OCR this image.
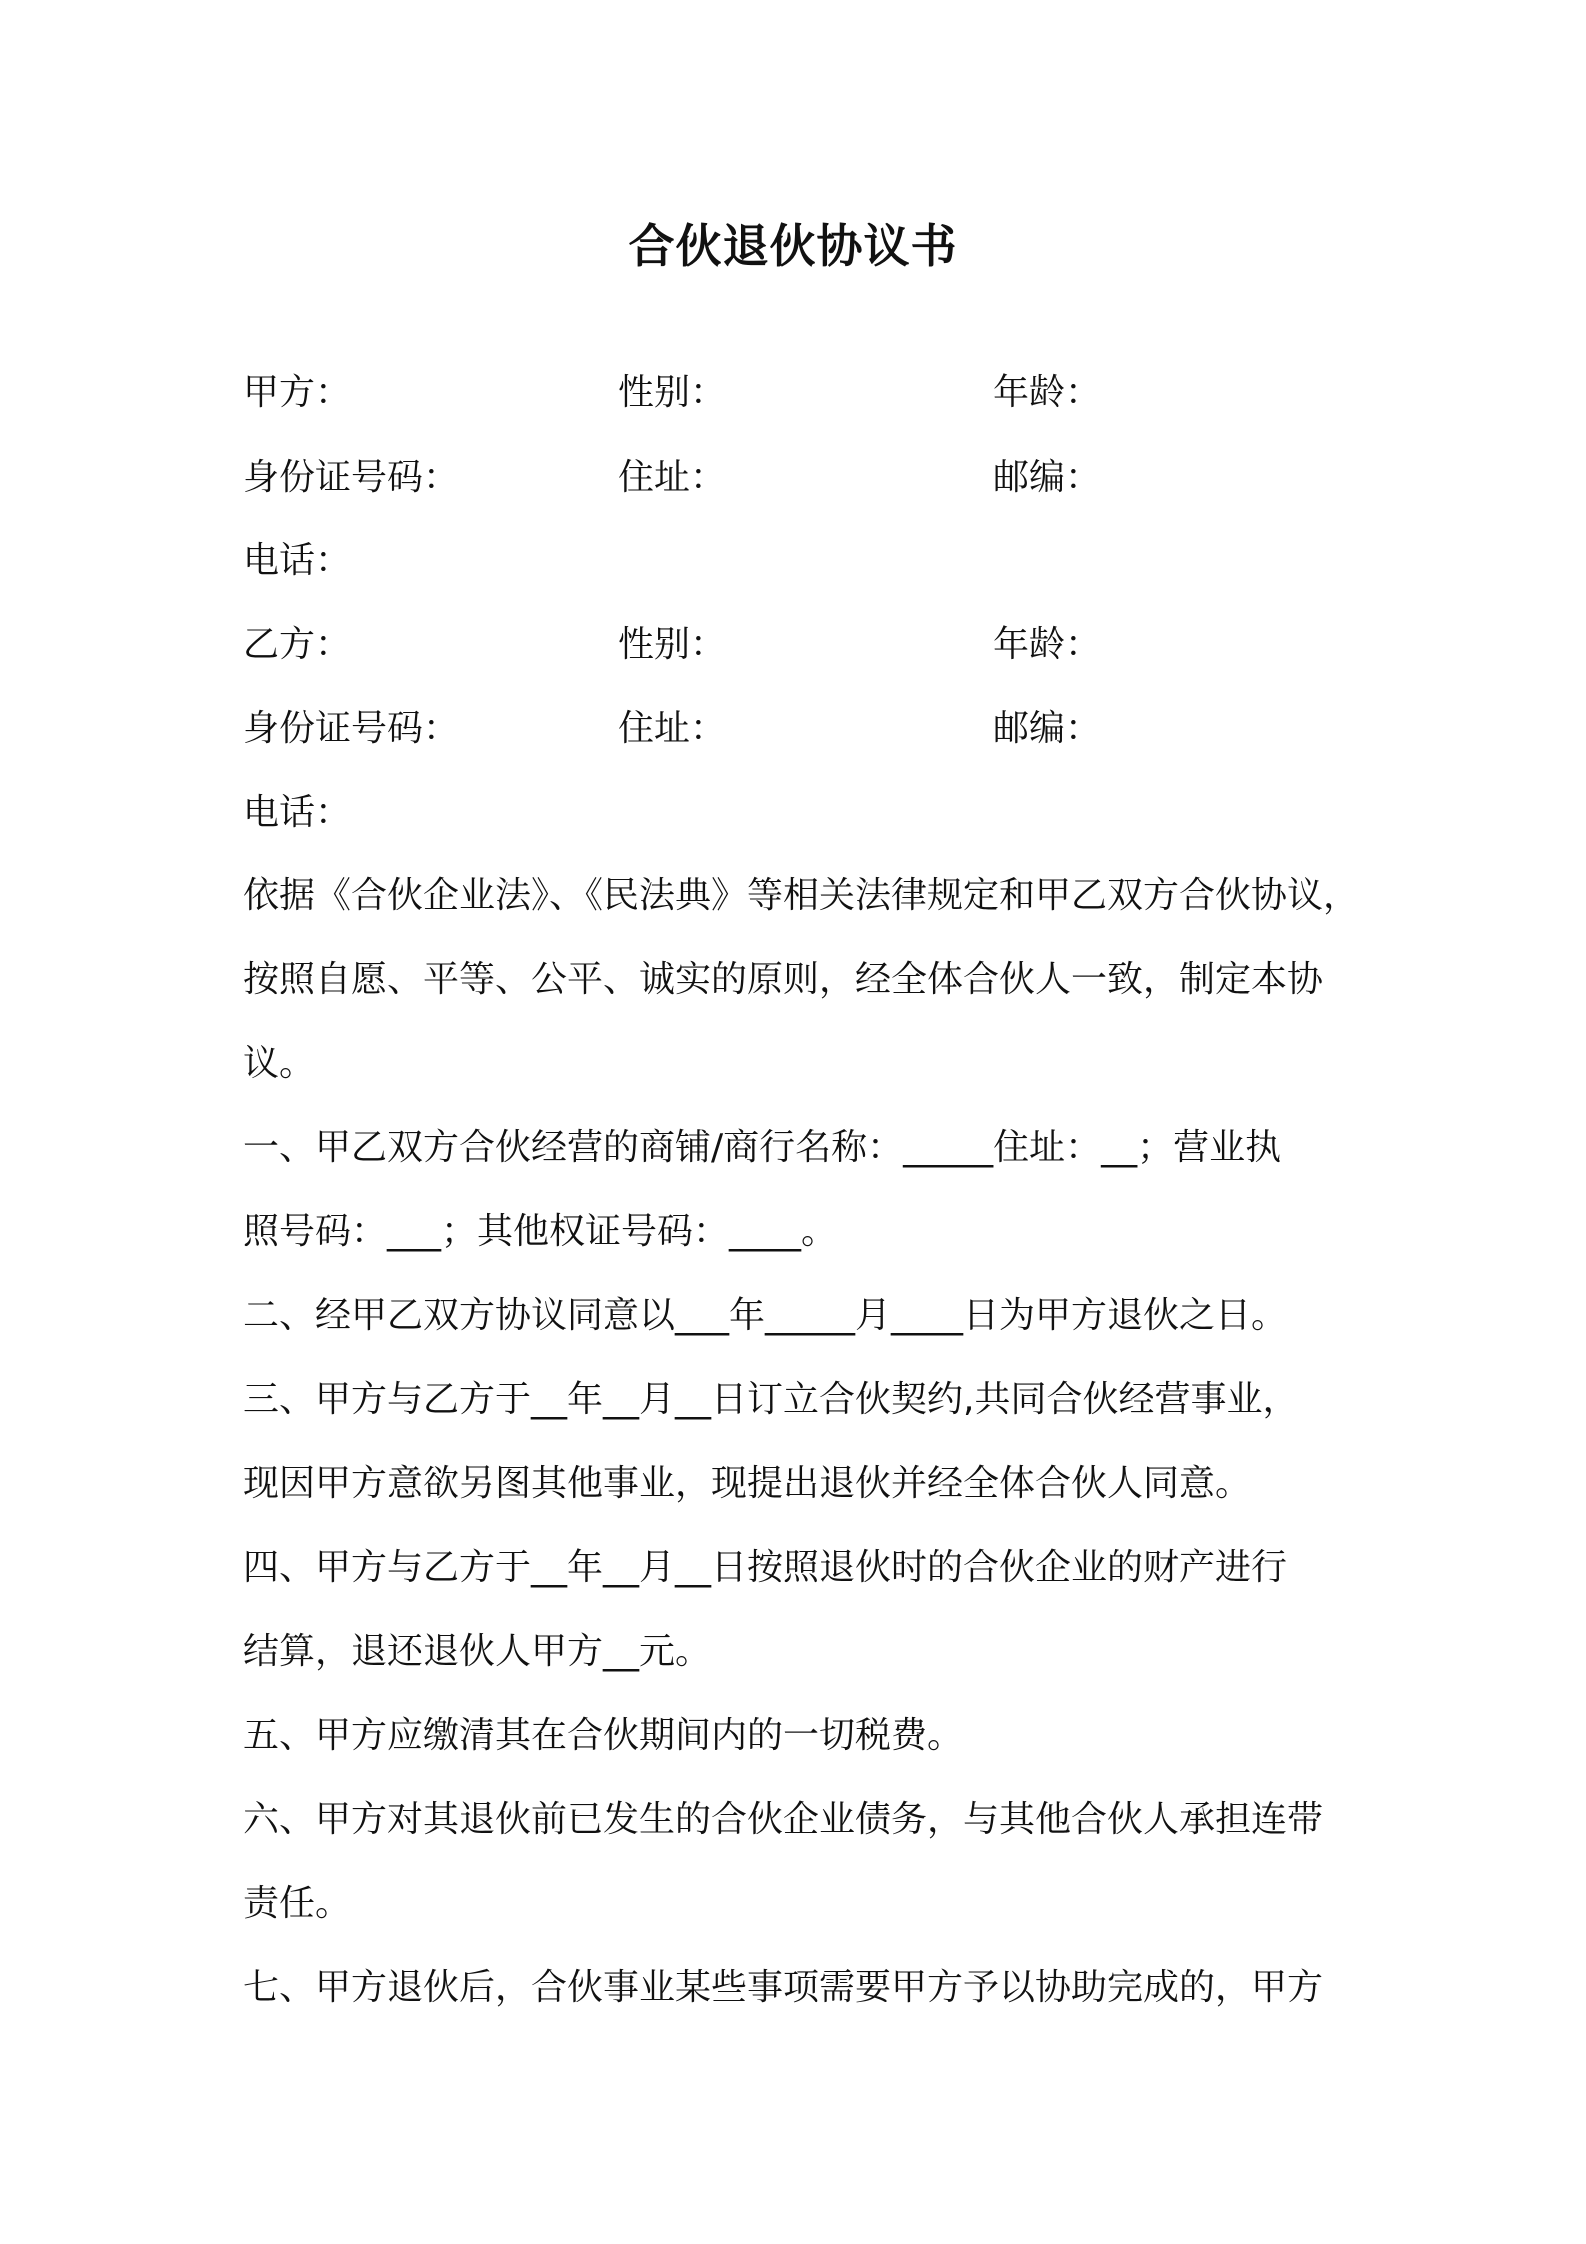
合伙退伙协议书
甲方：	性别：	年龄：
身份证号码：	住址：	邮编：
电话：
乙方：	性别：	年龄：
身份证号码：	住址：	邮编：
电话：
依据《合伙企业法》、《民法典》等相关法律规定和甲乙双方合伙协议，
按照自愿、平等、公平、诚实的原则，经全体合伙人一致，制定本协
议。
一、甲乙双方合伙经营的商铺/商行名称：_____住址：__；营业执
照号码：___；其他权证号码：____。
二、经甲乙双方协议同意以___年_____月____日为甲方退伙之日。
三、甲方与乙方于__年__月__日订立合伙契约,共同合伙经营事业，
现因甲方意欲另图其他事业，现提出退伙并经全体合伙人同意。
四、甲方与乙方于__年__月__日按照退伙时的合伙企业的财产进行
结算，退还退伙人甲方__元。
五、甲方应缴清其在合伙期间内的一切税费。
六、甲方对其退伙前已发生的合伙企业债务，与其他合伙人承担连带
责任。
七、甲方退伙后，合伙事业某些事项需要甲方予以协助完成的，甲方
